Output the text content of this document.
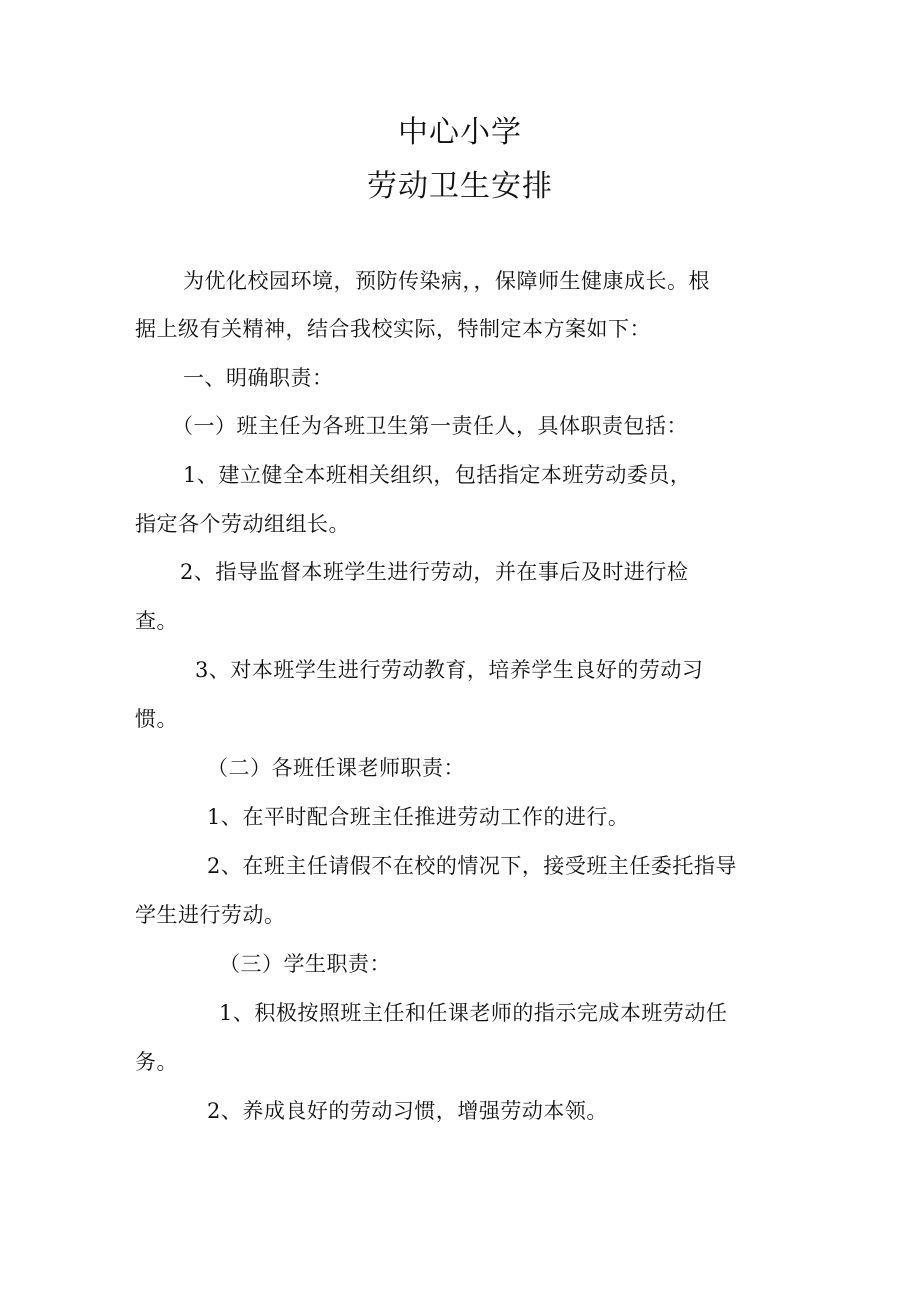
中心小学
劳动卫生安排
为优化校园环境，预防传染病，，保障师生健康成长。根
据上级有关精神，结合我校实际，特制定本方案如下：
一、明确职责：
（一）班主任为各班卫生第一责任人，具体职责包括：
1、建立健全本班相关组织，包括指定本班劳动委员，
指定各个劳动组组长。
2、指导监督本班学生进行劳动，并在事后及时进行检
查。
3、对本班学生进行劳动教育，培养学生良好的劳动习
惯。
（二）各班任课老师职责：
1、在平时配合班主任推进劳动工作的进行。
2、在班主任请假不在校的情况下，接受班主任委托指导
学生进行劳动。
（三）学生职责：
1、积极按照班主任和任课老师的指示完成本班劳动任
务。
2、养成良好的劳动习惯，增强劳动本领。
